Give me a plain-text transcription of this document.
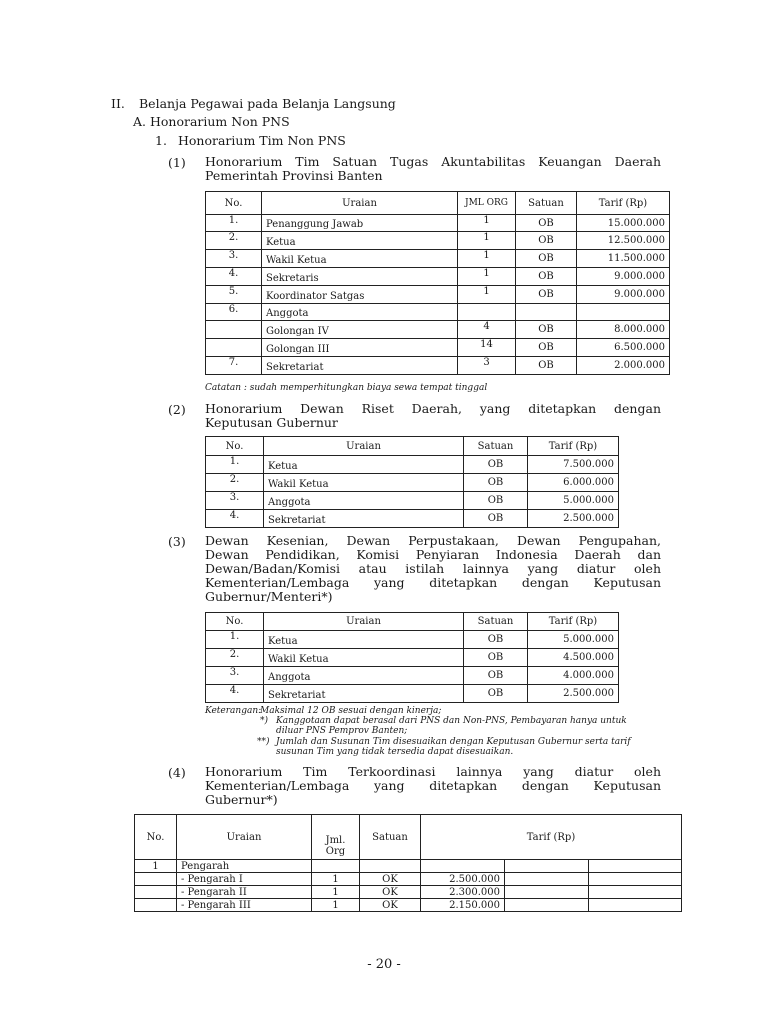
II. Belanja Pegawai pada Belanja Langsung
A. Honorarium Non PNS
1. Honorarium Tim Non PNS
(1) Honorarium Tim Satuan Tugas Akuntabilitas Keuangan Daerah
Pemerintah Provinsi Banten
No.	Uraian	JML ORG	Satuan	Tarif (Rp)
1.	Penanggung Jawab	1	OB	15.000.000
2.	Ketua	1	OB	12.500.000
3.	Wakil Ketua	1	OB	11.500.000
4.	Sekretaris	1	OB	9.000.000
5.	Koordinator Satgas	1	OB	9.000.000
6.	Anggota			
	Golongan IV	4	OB	8.000.000
	Golongan III	14	OB	6.500.000
7.	Sekretariat	3	OB	2.000.000
Catatan : sudah memperhitungkan biaya sewa tempat tinggal
(2) Honorarium Dewan Riset Daerah, yang ditetapkan dengan
Keputusan Gubernur
No.	Uraian	Satuan	Tarif (Rp)
1.	Ketua	OB	7.500.000
2.	Wakil Ketua	OB	6.000.000
3.	Anggota	OB	5.000.000
4.	Sekretariat	OB	2.500.000
(3) Dewan Kesenian, Dewan Perpustakaan, Dewan Pengupahan,
Dewan Pendidikan, Komisi Penyiaran Indonesia Daerah dan
Dewan/Badan/Komisi atau istilah lainnya yang diatur oleh
Kementerian/Lembaga yang ditetapkan dengan Keputusan
Gubernur/Menteri*)
No.	Uraian	Satuan	Tarif (Rp)
1.	Ketua	OB	5.000.000
2.	Wakil Ketua	OB	4.500.000
3.	Anggota	OB	4.000.000
4.	Sekretariat	OB	2.500.000
Keterangan:
Maksimal 12 OB sesuai dengan kinerja;
*) Kanggotaan dapat berasal dari PNS dan Non-PNS, Pembayaran hanya untuk
diluar PNS Pemprov Banten;
**) Jumlah dan Susunan Tim disesuaikan dengan Keputusan Gubernur serta tarif
susunan Tim yang tidak tersedia dapat disesuaikan.
(4) Honorarium Tim Terkoordinasi lainnya yang diatur oleh
Kementerian/Lembaga yang ditetapkan dengan Keputusan
Gubernur*)
No.	Uraian	Jml. Org	Satuan	Tarif (Rp)		
1	Pengarah					
	- Pengarah I	1	OK	2.500.000		
	- Pengarah II	1	OK	2.300.000		
	- Pengarah III	1	OK	2.150.000		
- 20 -
